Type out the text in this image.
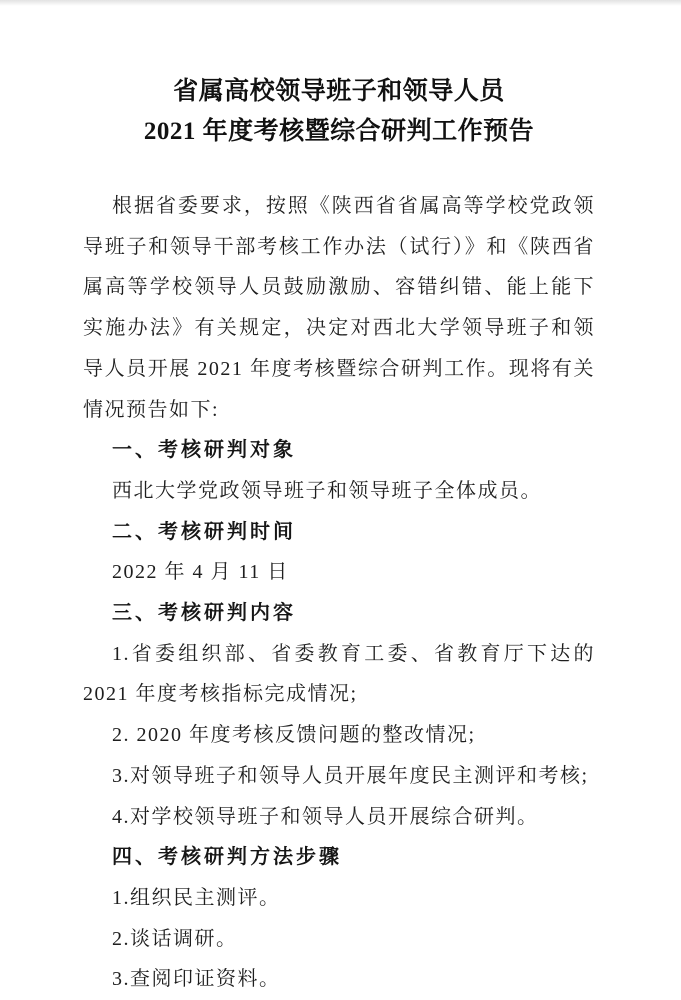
省属高校领导班子和领导人员
2021 年度考核暨综合研判工作预告

根据省委要求，按照《陕西省省属高等学校党政领导班子和领导干部考核工作办法（试行）》和《陕西省属高等学校领导人员鼓励激励、容错纠错、能上能下实施办法》有关规定，决定对西北大学领导班子和领导人员开展 2021 年度考核暨综合研判工作。现将有关情况预告如下:

一、考核研判对象

西北大学党政领导班子和领导班子全体成员。

二、考核研判时间

2022 年 4 月 11 日

三、考核研判内容

1.省委组织部、省委教育工委、省教育厅下达的 2021 年度考核指标完成情况;

2. 2020 年度考核反馈问题的整改情况;

3.对领导班子和领导人员开展年度民主测评和考核;

4.对学校领导班子和领导人员开展综合研判。

四、考核研判方法步骤

1.组织民主测评。

2.谈话调研。

3.查阅印证资料。
